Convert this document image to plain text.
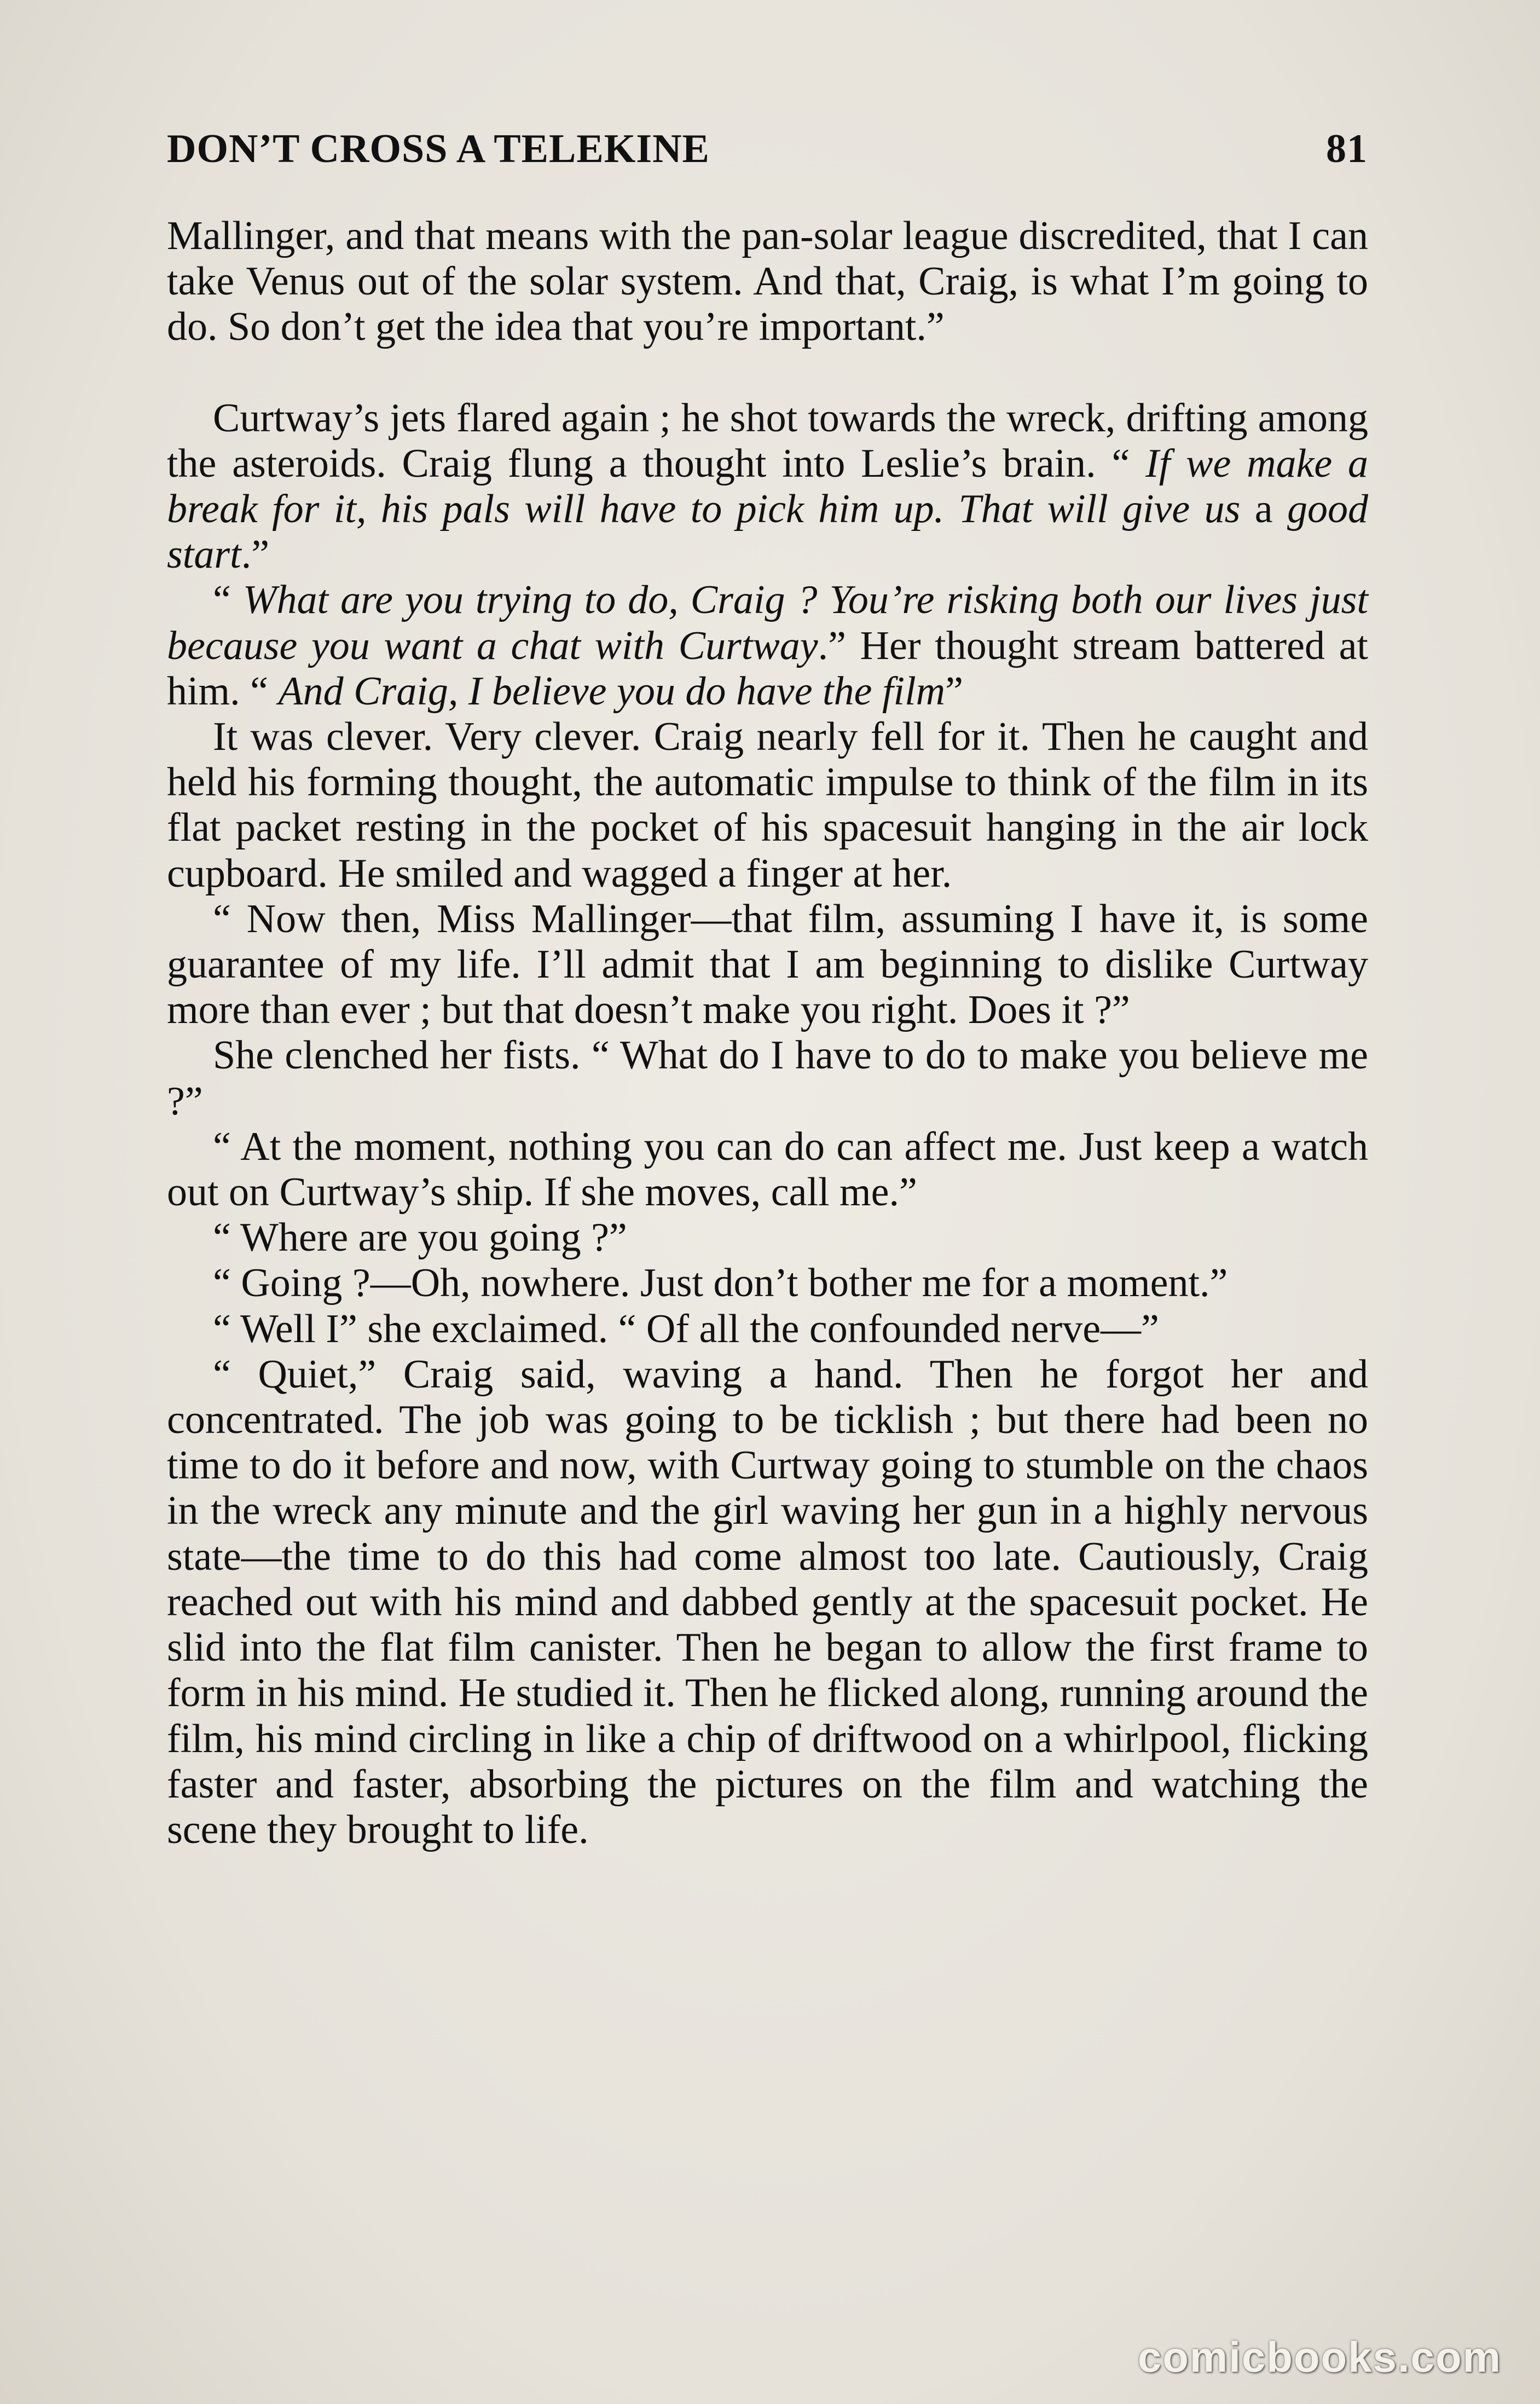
DON’T CROSS A TELEKINE	81

Mallinger, and that means with the pan-solar league discredited, that I can take Venus out of the solar system. And that, Craig, is what I’m going to do. So don’t get the idea that you’re important.”

Curtway’s jets flared again ; he shot towards the wreck, drifting among the asteroids. Craig flung a thought into Leslie’s brain. “ If we make a break for it, his pals will have to pick him up. That will give us a good start.”

“ What are you trying to do, Craig ? You’re risking both our lives just because you want a chat with Curtway.” Her thought stream battered at him. “ And Craig, I believe you do have the film”

It was clever. Very clever. Craig nearly fell for it. Then he caught and held his forming thought, the automatic impulse to think of the film in its flat packet resting in the pocket of his spacesuit hanging in the air lock cupboard. He smiled and wagged a finger at her.

“ Now then, Miss Mallinger—that film, assuming I have it, is some guarantee of my life. I’ll admit that I am beginning to dislike Curtway more than ever ; but that doesn’t make you right. Does it ?”

She clenched her fists. “ What do I have to do to make you believe me ?”

“ At the moment, nothing you can do can affect me. Just keep a watch out on Curtway’s ship. If she moves, call me.”

“ Where are you going ?”

“ Going ?—Oh, nowhere. Just don’t bother me for a moment.”

“ Well I” she exclaimed. “ Of all the confounded nerve—”

“ Quiet,” Craig said, waving a hand. Then he forgot her and concentrated. The job was going to be ticklish ; but there had been no time to do it before and now, with Curtway going to stumble on the chaos in the wreck any minute and the girl waving her gun in a highly nervous state—the time to do this had come almost too late. Cautiously, Craig reached out with his mind and dabbed gently at the spacesuit pocket. He slid into the flat film canister. Then he began to allow the first frame to form in his mind. He studied it. Then he flicked along, running around the film, his mind circling in like a chip of driftwood on a whirlpool, flicking faster and faster, absorbing the pictures on the film and watching the scene they brought to life.

comicbooks.com
